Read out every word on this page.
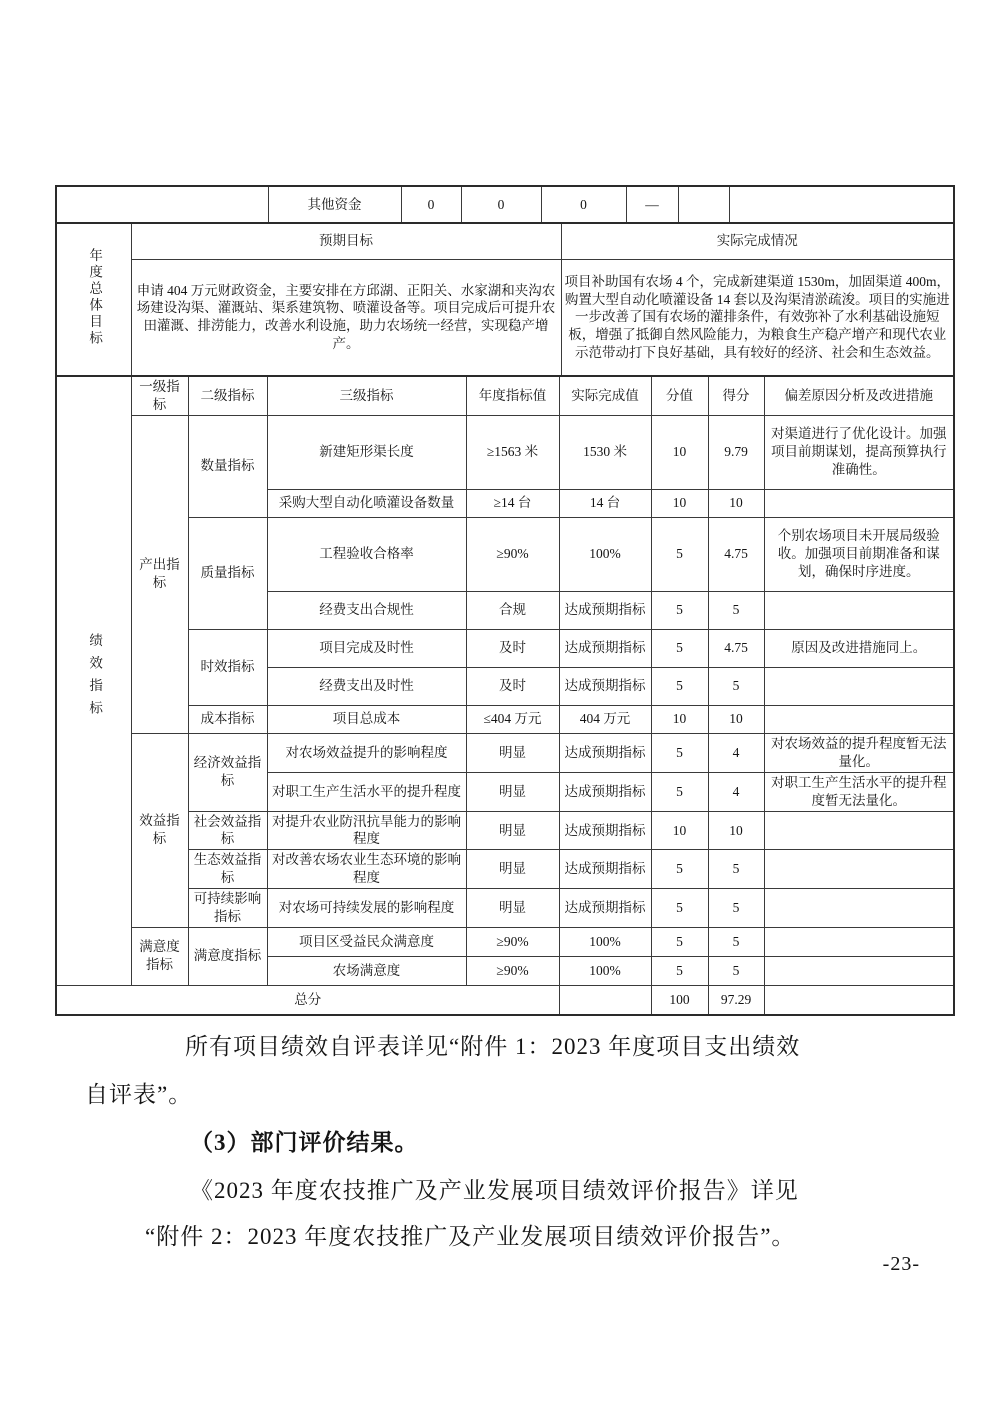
	其他资金	0	0	0	—		
年度总体目标	预期目标	实际完成情况
	申请 404 万元财政资金，主要安排在方邱湖、正阳关、水家湖和夹沟农场建设沟渠、灌溉站、渠系建筑物、喷灌设备等。项目完成后可提升农田灌溉、排涝能力，改善水利设施，助力农场统一经营，实现稳产增产。	项目补助国有农场 4 个，完成新建渠道 1530m，加固渠道 400m，购置大型自动化喷灌设备 14 套以及沟渠清淤疏浚。项目的实施进一步改善了国有农场的灌排条件，有效弥补了水利基础设施短板，增强了抵御自然风险能力，为粮食生产稳产增产和现代农业示范带动打下良好基础，具有较好的经济、社会和生态效益。
绩效指标	一级指标	二级指标	三级指标	年度指标值	实际完成值	分值	得分	偏差原因分析及改进措施
	产出指标	数量指标	新建矩形渠长度	≥1563 米	1530 米	10	9.79	对渠道进行了优化设计。加强项目前期谋划，提高预算执行准确性。
			采购大型自动化喷灌设备数量	≥14 台	14 台	10	10	
		质量指标	工程验收合格率	≥90%	100%	5	4.75	个别农场项目未开展局级验收。加强项目前期准备和谋划，确保时序进度。
			经费支出合规性	合规	达成预期指标	5	5	
		时效指标	项目完成及时性	及时	达成预期指标	5	4.75	原因及改进措施同上。
			经费支出及时性	及时	达成预期指标	5	5	
		成本指标	项目总成本	≤404 万元	404 万元	10	10	
	效益指标	经济效益指标	对农场效益提升的影响程度	明显	达成预期指标	5	4	对农场效益的提升程度暂无法量化。
			对职工生产生活水平的提升程度	明显	达成预期指标	5	4	对职工生产生活水平的提升程度暂无法量化。
		社会效益指标	对提升农业防汛抗旱能力的影响程度	明显	达成预期指标	10	10	
		生态效益指标	对改善农场农业生态环境的影响程度	明显	达成预期指标	5	5	
		可持续影响指标	对农场可持续发展的影响程度	明显	达成预期指标	5	5	
	满意度指标	满意度指标	项目区受益民众满意度	≥90%	100%	5	5	
			农场满意度	≥90%	100%	5	5	
总分						100	97.29	
所有项目绩效自评表详见“附件 1：2023 年度项目支出绩效
自评表”。
（3）部门评价结果。
《2023 年度农技推广及产业发展项目绩效评价报告》详见
“附件 2：2023 年度农技推广及产业发展项目绩效评价报告”。
-23-
